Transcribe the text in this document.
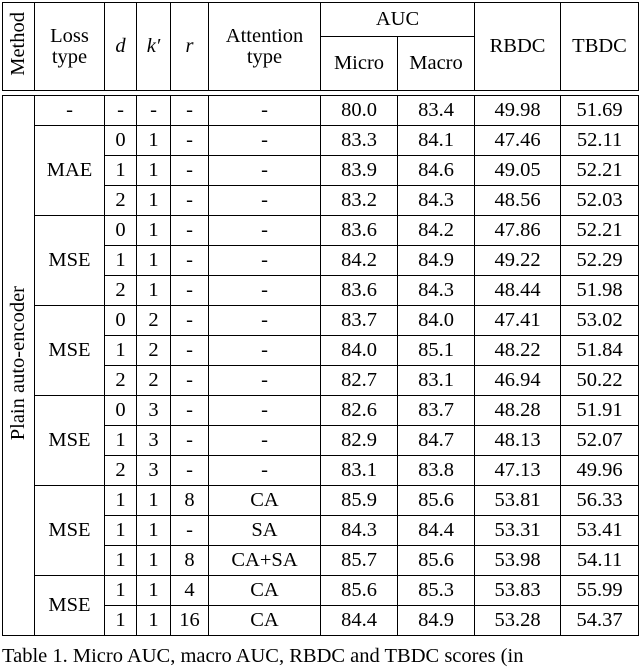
Method	Loss type	d	k′	r	Attention type	AUC		RBDC	TBDC
						Micro	Macro		

Plain auto-encoder	-	-	-	-	-	80.0	83.4	49.98	51.69
	MAE	0	1	-	-	83.3	84.1	47.46	52.11
		1	1	-	-	83.9	84.6	49.05	52.21
		2	1	-	-	83.2	84.3	48.56	52.03
	MSE	0	1	-	-	83.6	84.2	47.86	52.21
		1	1	-	-	84.2	84.9	49.22	52.29
		2	1	-	-	83.6	84.3	48.44	51.98
	MSE	0	2	-	-	83.7	84.0	47.41	53.02
		1	2	-	-	84.0	85.1	48.22	51.84
		2	2	-	-	82.7	83.1	46.94	50.22
	MSE	0	3	-	-	82.6	83.7	48.28	51.91
		1	3	-	-	82.9	84.7	48.13	52.07
		2	3	-	-	83.1	83.8	47.13	49.96
	MSE	1	1	8	CA	85.9	85.6	53.81	56.33
		1	1	-	SA	84.3	84.4	53.31	53.41
		1	1	8	CA+SA	85.7	85.6	53.98	54.11
	MSE	1	1	4	CA	85.6	85.3	53.83	55.99
		1	1	16	CA	84.4	84.9	53.28	54.37
Table 1. Micro AUC, macro AUC, RBDC and TBDC scores (in
